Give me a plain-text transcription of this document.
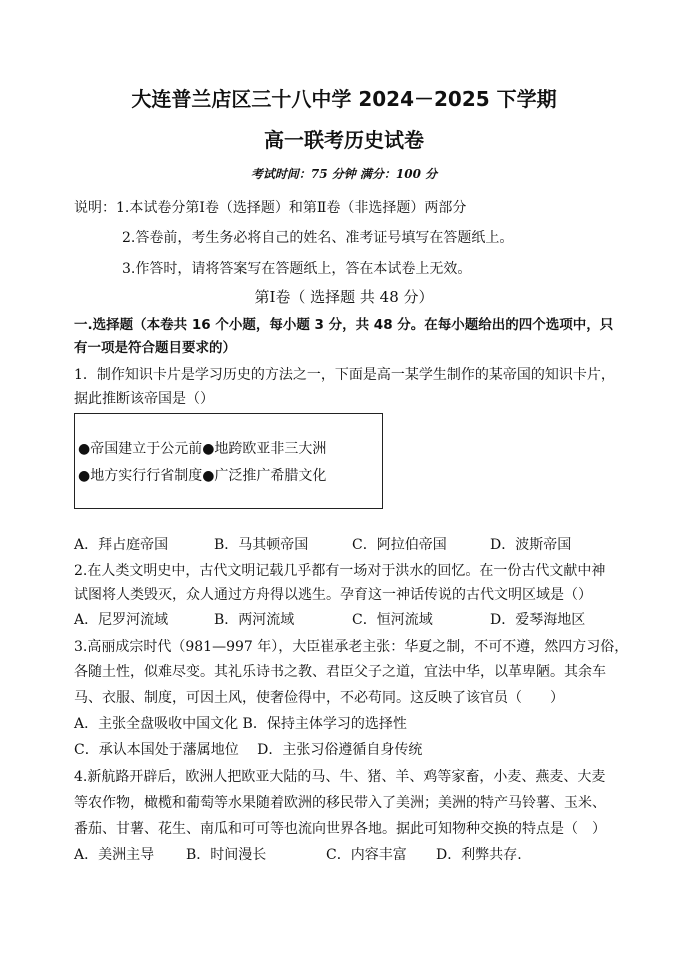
大连普兰店区三十八中学 2024－2025 下学期
高一联考历史试卷
考试时间：75 分钟 满分：100 分
说明：1.本试卷分第Ⅰ卷（选择题）和第Ⅱ卷（非选择题）两部分
2.答卷前，考生务必将自己的姓名、准考证号填写在答题纸上。
3.作答时，请将答案写在答题纸上，答在本试卷上无效。
第Ⅰ卷（ 选择题 共 48 分）
一.选择题（本卷共 16 个小题，每小题 3 分，共 48 分。在每小题给出的四个选项中，只
有一项是符合题目要求的）
1．制作知识卡片是学习历史的方法之一，下面是高一某学生制作的某帝国的知识卡片，
据此推断该帝国是（）
●帝国建立于公元前●地跨欧亚非三大洲
●地方实行行省制度●广泛推广希腊文化
A．拜占庭帝国	B．马其顿帝国	C．阿拉伯帝国	D．波斯帝国
2.在人类文明史中，古代文明记载几乎都有一场对于洪水的回忆。在一份古代文献中神
试图将人类毁灭，众人通过方舟得以逃生。孕育这一神话传说的古代文明区域是（）
A．尼罗河流域	B．两河流域	C．恒河流域	D．爱琴海地区
3.高丽成宗时代（981—997 年），大臣崔承老主张：华夏之制，不可不遵，然四方习俗，
各随土性，似难尽变。其礼乐诗书之教、君臣父子之道，宜法中华，以革卑陋。其余车
马、衣服、制度，可因土风，使奢俭得中，不必苟同。这反映了该官员（　　）
A．主张全盘吸收中国文化 B．保持主体学习的选择性
C．承认本国处于藩属地位　 D．主张习俗遵循自身传统
4.新航路开辟后，欧洲人把欧亚大陆的马、牛、猪、羊、鸡等家畜，小麦、燕麦、大麦
等农作物，橄榄和葡萄等水果随着欧洲的移民带入了美洲；美洲的特产马铃薯、玉米、
番茄、甘薯、花生、南瓜和可可等也流向世界各地。据此可知物种交换的特点是（　）
A．美洲主导 B．时间漫长	C．内容丰富 D．利弊共存.
